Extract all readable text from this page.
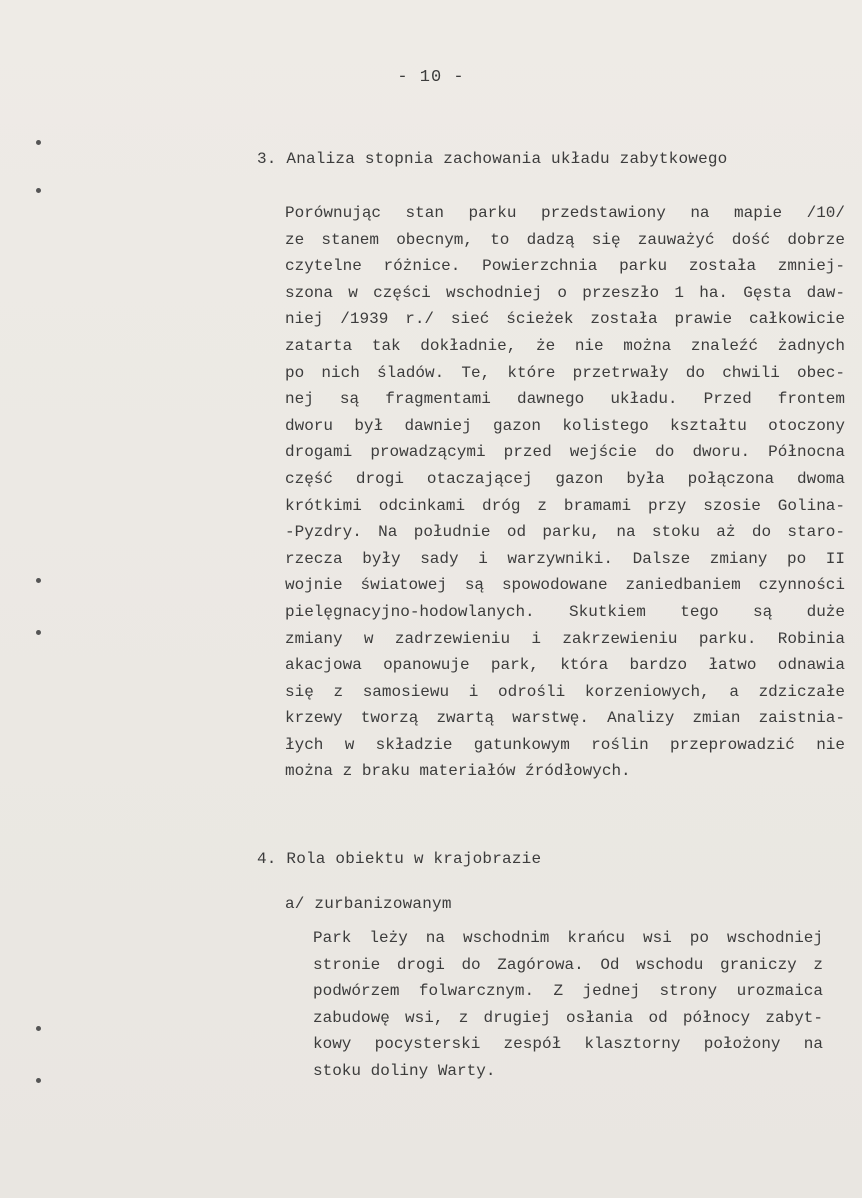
- 10 -
3. Analiza stopnia zachowania układu zabytkowego
Porównując stan parku przedstawiony na mapie /10/
ze stanem obecnym, to dadzą się zauważyć dość dobrze
czytelne różnice. Powierzchnia parku została zmniej-
szona w części wschodniej o przeszło 1 ha. Gęsta daw-
niej /1939 r./ sieć ścieżek została prawie całkowicie
zatarta tak dokładnie, że nie można znaleźć żadnych
po nich śladów. Te, które przetrwały do chwili obec-
nej są fragmentami dawnego układu. Przed frontem
dworu był dawniej gazon kolistego kształtu otoczony
drogami prowadzącymi przed wejście do dworu. Północna
część drogi otaczającej gazon była połączona dwoma
krótkimi odcinkami dróg z bramami przy szosie Golina-
-Pyzdry. Na południe od parku, na stoku aż do staro-
rzecza były sady i warzywniki. Dalsze zmiany po II
wojnie światowej są spowodowane zaniedbaniem czynności
pielęgnacyjno-hodowlanych. Skutkiem tego są duże
zmiany w zadrzewieniu i zakrzewieniu parku. Robinia
akacjowa opanowuje park, która bardzo łatwo odnawia
się z samosiewu i odrośli korzeniowych, a zdziczałe
krzewy tworzą zwartą warstwę. Analizy zmian zaistnia-
łych w składzie gatunkowym roślin przeprowadzić nie
można z braku materiałów źródłowych.
4. Rola obiektu w krajobrazie
a/ zurbanizowanym
Park leży na wschodnim krańcu wsi po wschodniej
stronie drogi do Zagórowa. Od wschodu graniczy z
podwórzem folwarcznym. Z jednej strony urozmaica
zabudowę wsi, z drugiej osłania od północy zabyt-
kowy pocysterski zespół klasztorny położony na
stoku doliny Warty.
